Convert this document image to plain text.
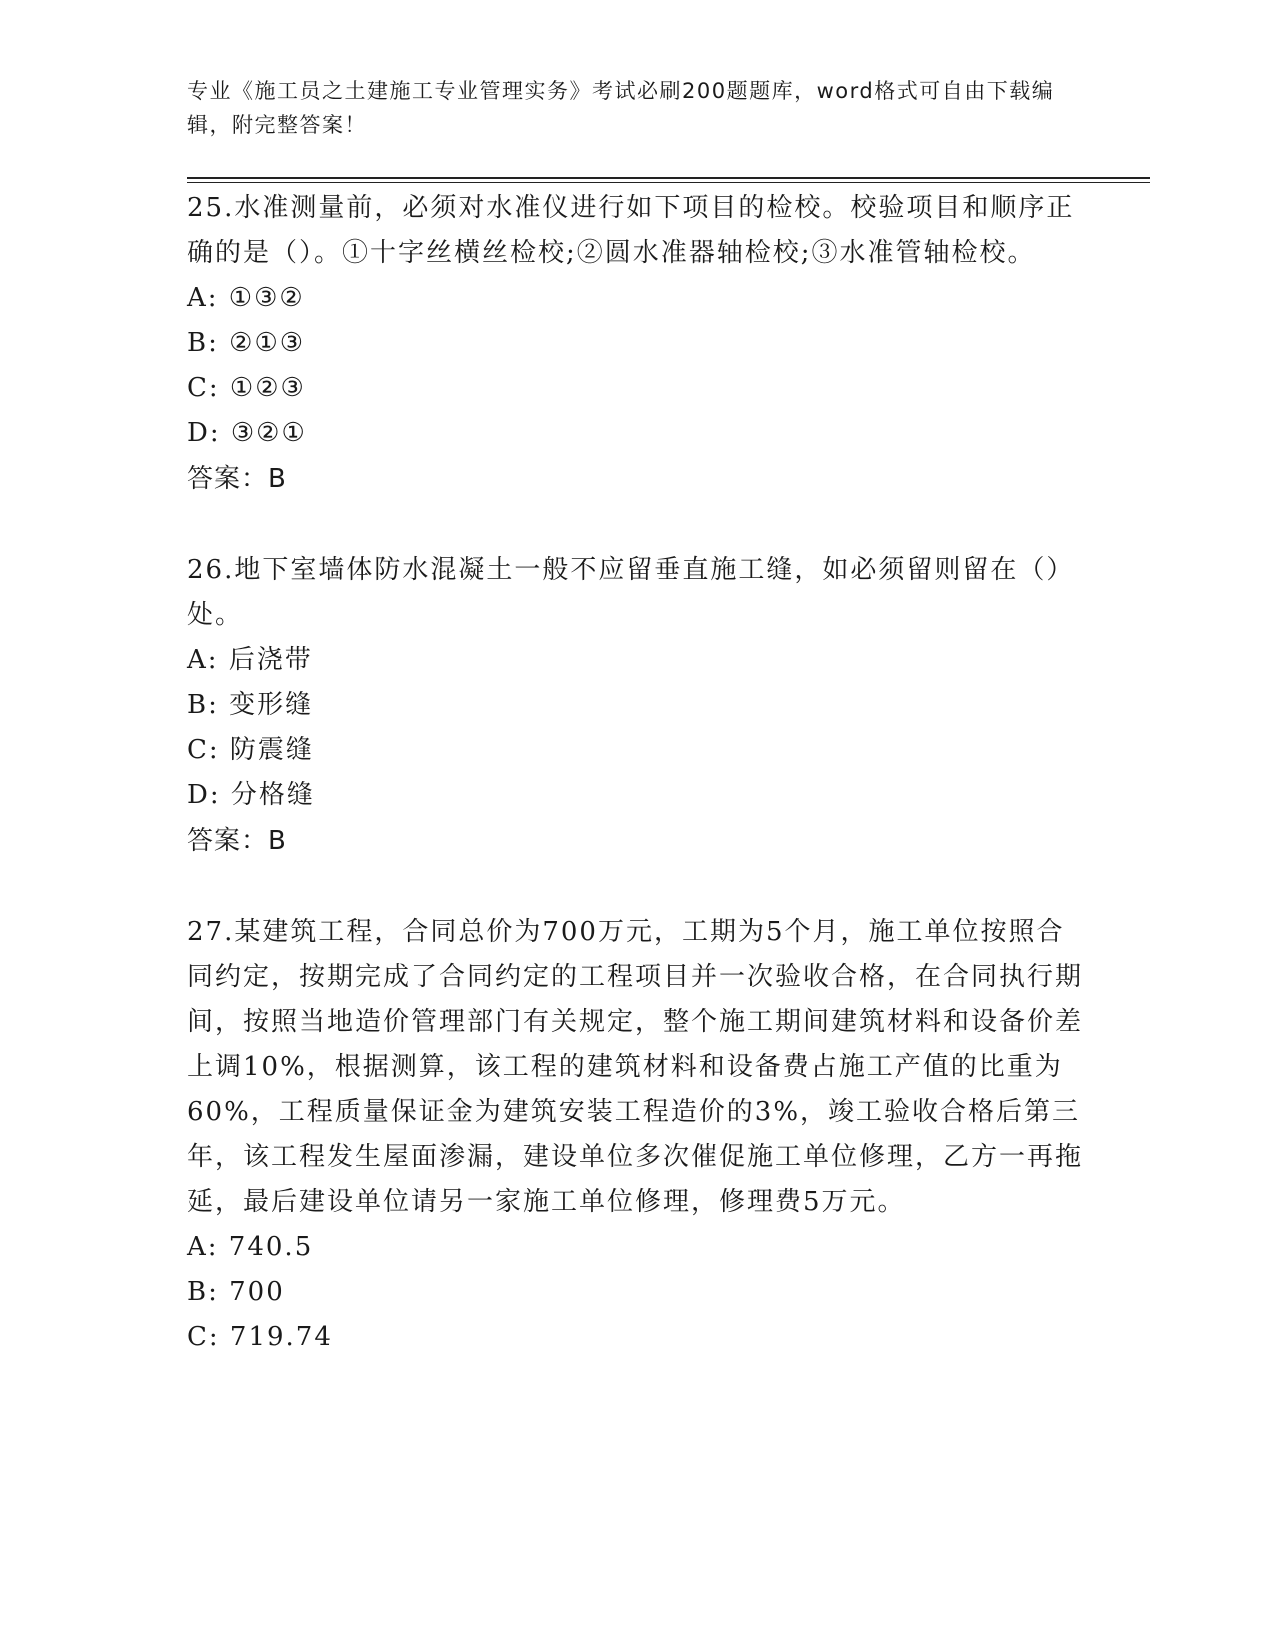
专业《施工员之土建施工专业管理实务》考试必刷200题题库，word格式可自由下载编辑，附完整答案！
25.水准测量前，必须对水准仪进行如下项目的检校。校验项目和顺序正确的是（）。①十字丝横丝检校;②圆水准器轴检校;③水准管轴检校。
A: ①③②
B: ②①③
C: ①②③
D: ③②①
答案：B
26.地下室墙体防水混凝土一般不应留垂直施工缝，如必须留则留在（）处。
A: 后浇带
B: 变形缝
C: 防震缝
D: 分格缝
答案：B
27.某建筑工程，合同总价为700万元，工期为5个月，施工单位按照合同约定，按期完成了合同约定的工程项目并一次验收合格，在合同执行期间，按照当地造价管理部门有关规定，整个施工期间建筑材料和设备价差上调10%，根据测算，该工程的建筑材料和设备费占施工产值的比重为60%，工程质量保证金为建筑安装工程造价的3%，竣工验收合格后第三年，该工程发生屋面渗漏，建设单位多次催促施工单位修理，乙方一再拖延，最后建设单位请另一家施工单位修理，修理费5万元。
A: 740.5
B: 700
C: 719.74
